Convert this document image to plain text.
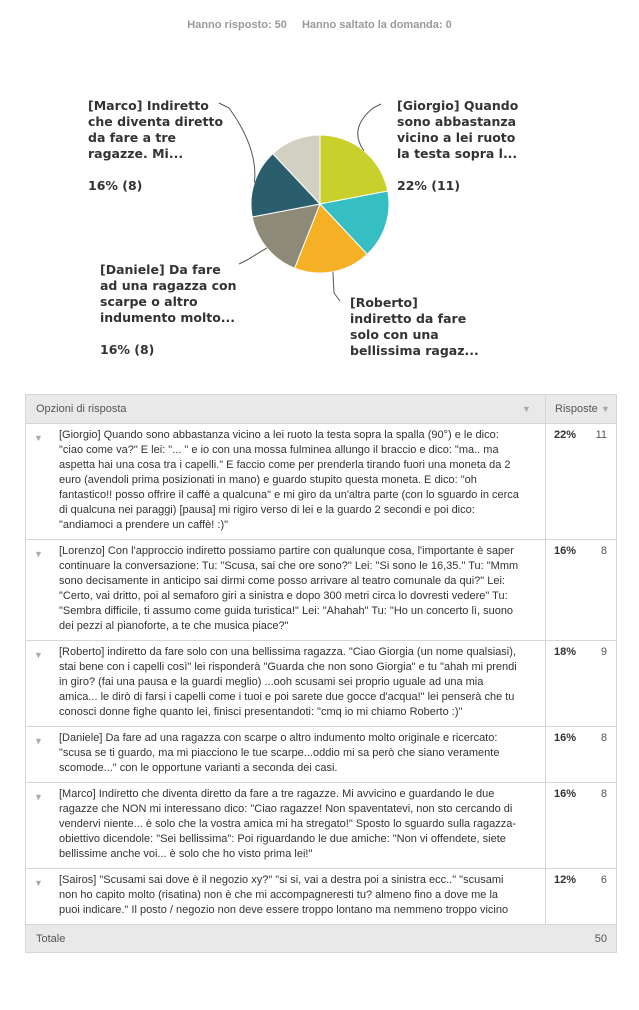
Hanno risposto: 50 Hanno saltato la domanda: 0
[Giorgio] Quando
sono abbastanza
vicino a lei ruoto
la testa sopra l...
22% (11)
[Roberto]
indiretto da fare
solo con una
bellissima ragaz...
[Daniele] Da fare
ad una ragazza con
scarpe o altro
indumento molto...
16% (8)
[Marco] Indiretto
che diventa diretto
da fare a tre
ragazze. Mi...
16% (8)
Opzioni di risposta	▼ Risposte ▼
▼ [Giorgio] Quando sono abbastanza vicino a lei ruoto la testa sopra la spalla (90°) e le dico: "ciao come va?" E lei: "... " e io con una mossa fulminea allungo il braccio e dico: "ma.. ma aspetta hai una cosa tra i capelli." E faccio come per prenderla tirando fuori una moneta da 2 euro (avendoli prima posizionati in mano) e guardo stupito questa moneta. E dico: "oh fantastico!! posso offrire il caffè a qualcuna" e mi giro da un'altra parte (con lo sguardo in cerca di qualcuna nei paraggi) [pausa] mi rigiro verso di lei e la guardo 2 secondi e poi dico: "andiamoci a prendere un caffè! :)"
22%	11
▼ [Lorenzo] Con l'approccio indiretto possiamo partire con qualunque cosa, l'importante è saper continuare la conversazione: Tu: "Scusa, sai che ore sono?" Lei: "Si sono le 16,35." Tu: "Mmm sono decisamente in anticipo sai dirmi come posso arrivare al teatro comunale da qui?" Lei: "Certo, vai dritto, poi al semaforo giri a sinistra e dopo 300 metri circa lo dovresti vedere" Tu: "Sembra difficile, ti assumo come guida turistica!" Lei: "Ahahah" Tu: "Ho un concerto lì, suono dei pezzi al pianoforte, a te che musica piace?"
16%	8
▼ [Roberto] indiretto da fare solo con una bellissima ragazza. "Ciao Giorgia (un nome qualsiasi), stai bene con i capelli così" lei risponderà "Guarda che non sono Giorgia" e tu "ahah mi prendi in giro? (fai una pausa e la guardi meglio) ...ooh scusami sei proprio uguale ad una mia amica... le dirò di farsi i capelli come i tuoi e poi sarete due gocce d'acqua!" lei penserà che tu conosci donne fighe quanto lei, finisci presentandoti: "cmq io mi chiamo Roberto :)"
18%	9
▼ [Daniele] Da fare ad una ragazza con scarpe o altro indumento molto originale e ricercato: "scusa se ti guardo, ma mi piacciono le tue scarpe...oddio mi sa però che siano veramente scomode..." con le opportune varianti a seconda dei casi.
16%	8
▼ [Marco] Indiretto che diventa diretto da fare a tre ragazze. Mi avvicino e guardando le due ragazze che NON mi interessano dico: "Ciao ragazze! Non spaventatevi, non sto cercando di vendervi niente... è solo che la vostra amica mi ha stregato!" Sposto lo sguardo sulla ragazza-obiettivo dicendole: "Sei bellissima": Poi riguardando le due amiche: "Non vi offendete, siete bellissime anche voi... è solo che ho visto prima lei!"
16%	8
▼ [Sairos] "Scusami sai dove è il negozio xy?" "si si, vai a destra poi a sinistra ecc.." "scusami non ho capito molto (risatina) non è che mi accompagneresti tu? almeno fino a dove me la puoi indicare." Il posto / negozio non deve essere troppo lontano ma nemmeno troppo vicino
12%	6
Totale	50
